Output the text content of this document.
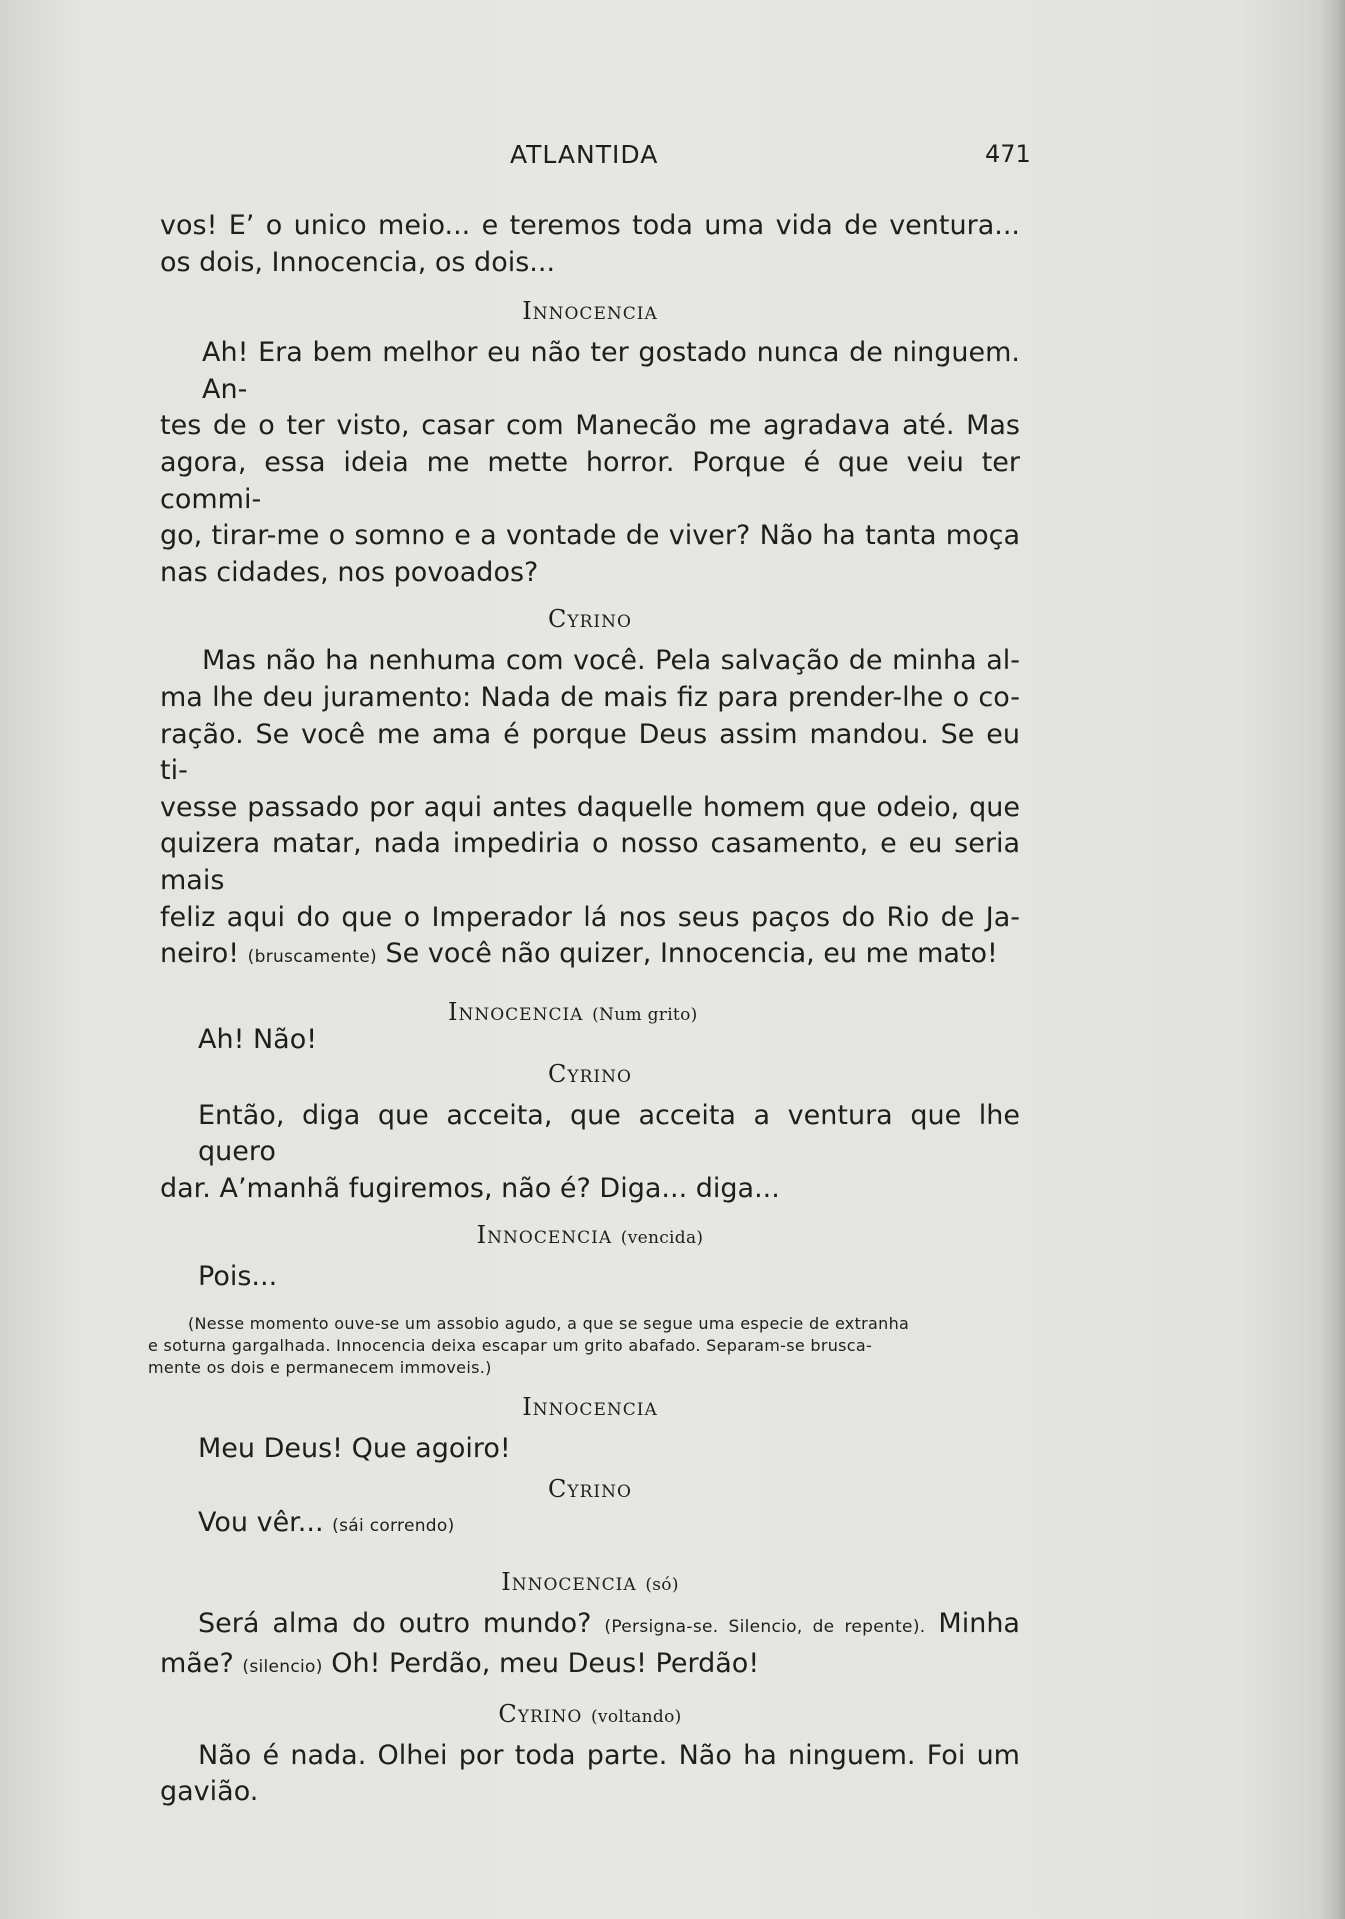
ATLANTIDA	471
vos! E’ o unico meio... e teremos toda uma vida de ventura...
os dois, Innocencia, os dois...
Innocencia
Ah! Era bem melhor eu não ter gostado nunca de ninguem. An-
tes de o ter visto, casar com Manecão me agradava até. Mas
agora, essa ideia me mette horror. Porque é que veiu ter commi-
go, tirar-me o somno e a vontade de viver? Não ha tanta moça
nas cidades, nos povoados?
Cyrino
Mas não ha nenhuma com você. Pela salvação de minha al-
ma lhe deu juramento: Nada de mais fiz para prender-lhe o co-
ração. Se você me ama é porque Deus assim mandou. Se eu ti-
vesse passado por aqui antes daquelle homem que odeio, que
quizera matar, nada impediria o nosso casamento, e eu seria mais
feliz aqui do que o Imperador lá nos seus paços do Rio de Ja-
neiro! (bruscamente) Se você não quizer, Innocencia, eu me mato!
Innocencia (Num grito)
Ah! Não!
Cyrino
Então, diga que acceita, que acceita a ventura que lhe quero
dar. A’manhã fugiremos, não é? Diga... diga...
Innocencia (vencida)
Pois...
(Nesse momento ouve-se um assobio agudo, a que se segue uma especie de extranha
e soturna gargalhada. Innocencia deixa escapar um grito abafado. Separam-se brusca-
mente os dois e permanecem immoveis.)
Innocencia
Meu Deus! Que agoiro!
Cyrino
Vou vêr... (sái correndo)
Innocencia (só)
Será alma do outro mundo? (Persigna-se. Silencio, de repente). Minha
mãe? (silencio) Oh! Perdão, meu Deus! Perdão!
Cyrino (voltando)
Não é nada. Olhei por toda parte. Não ha ninguem. Foi um
gavião.
